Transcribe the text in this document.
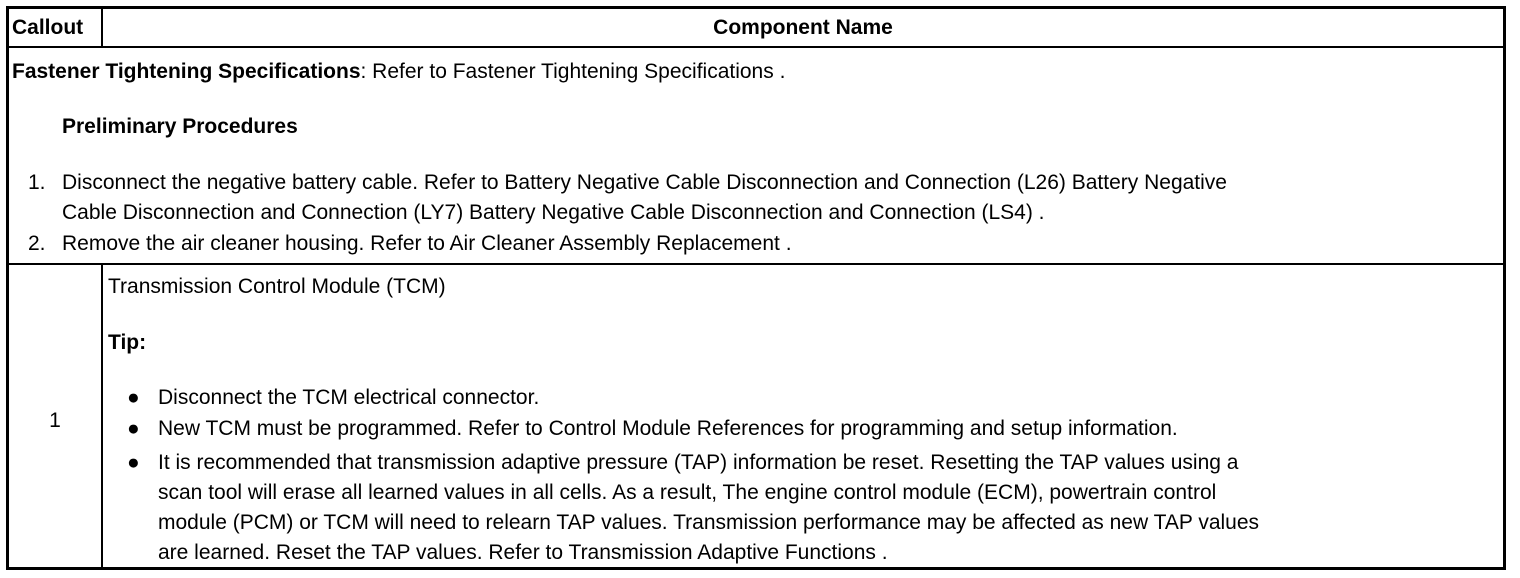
Callout	Component Name
Fastener Tightening Specifications: Refer to Fastener Tightening Specifications .
Preliminary Procedures
1. Disconnect the negative battery cable. Refer to Battery Negative Cable Disconnection and Connection (L26) Battery Negative
Cable Disconnection and Connection (LY7) Battery Negative Cable Disconnection and Connection (LS4) .
2. Remove the air cleaner housing. Refer to Air Cleaner Assembly Replacement .
1
Transmission Control Module (TCM)
Tip:
● Disconnect the TCM electrical connector.
● New TCM must be programmed. Refer to Control Module References for programming and setup information.
● It is recommended that transmission adaptive pressure (TAP) information be reset. Resetting the TAP values using a
scan tool will erase all learned values in all cells. As a result, The engine control module (ECM), powertrain control
module (PCM) or TCM will need to relearn TAP values. Transmission performance may be affected as new TAP values
are learned. Reset the TAP values. Refer to Transmission Adaptive Functions .
